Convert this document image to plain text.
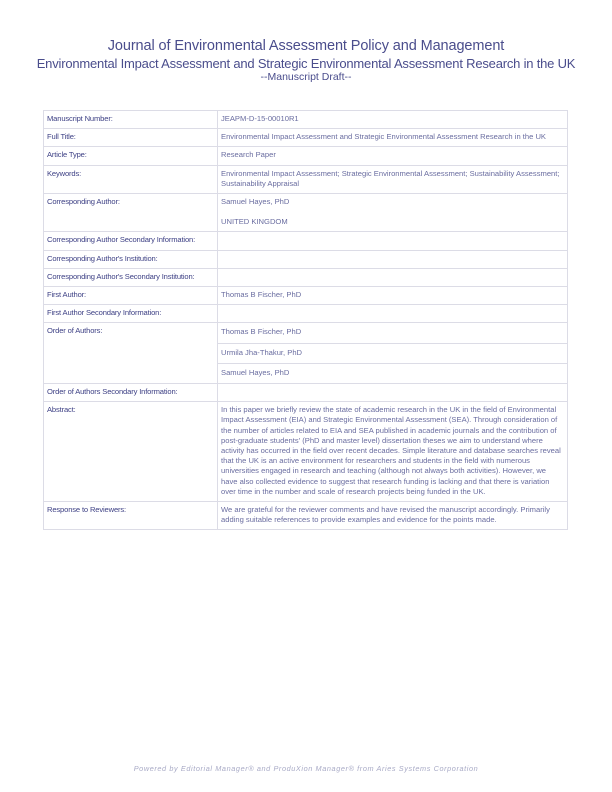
Journal of Environmental Assessment Policy and Management

Environmental Impact Assessment and Strategic Environmental Assessment Research in the UK

--Manuscript Draft--

Manuscript Number:	JEAPM-D-15-00010R1
Full Title:	Environmental Impact Assessment and Strategic Environmental Assessment Research in the UK
Article Type:	Research Paper
Keywords:	Environmental Impact Assessment; Strategic Environmental Assessment; Sustainability Assessment; Sustainability Appraisal
Corresponding Author:	Samuel Hayes, PhD
UNITED KINGDOM

Corresponding Author Secondary Information:	
Corresponding Author's Institution:	
Corresponding Author's Secondary Institution:	
First Author:	Thomas B Fischer, PhD
First Author Secondary Information:	
Order of Authors:	Thomas B Fischer, PhD
	Urmila Jha-Thakur, PhD
	Samuel Hayes, PhD
Order of Authors Secondary Information:	
Abstract:	In this paper we briefly review the state of academic research in the UK in the field of Environmental Impact Assessment (EIA) and Strategic Environmental Assessment (SEA). Through consideration of the number of articles related to EIA and SEA published in academic journals and the contribution of post-graduate students' (PhD and master level) dissertation theses we aim to understand where activity has occurred in the field over recent decades. Simple literature and database searches reveal that the UK is an active environment for researchers and students in the field with numerous universities engaged in research and teaching (although not always both activities). However, we have also collected evidence to suggest that research funding is lacking and that there is variation over time in the number and scale of research projects being funded in the UK.
Response to Reviewers:	We are grateful for the reviewer comments and have revised the manuscript accordingly. Primarily adding suitable references to provide examples and evidence for the points made.
Powered by Editorial Manager® and ProduXion Manager® from Aries Systems Corporation
